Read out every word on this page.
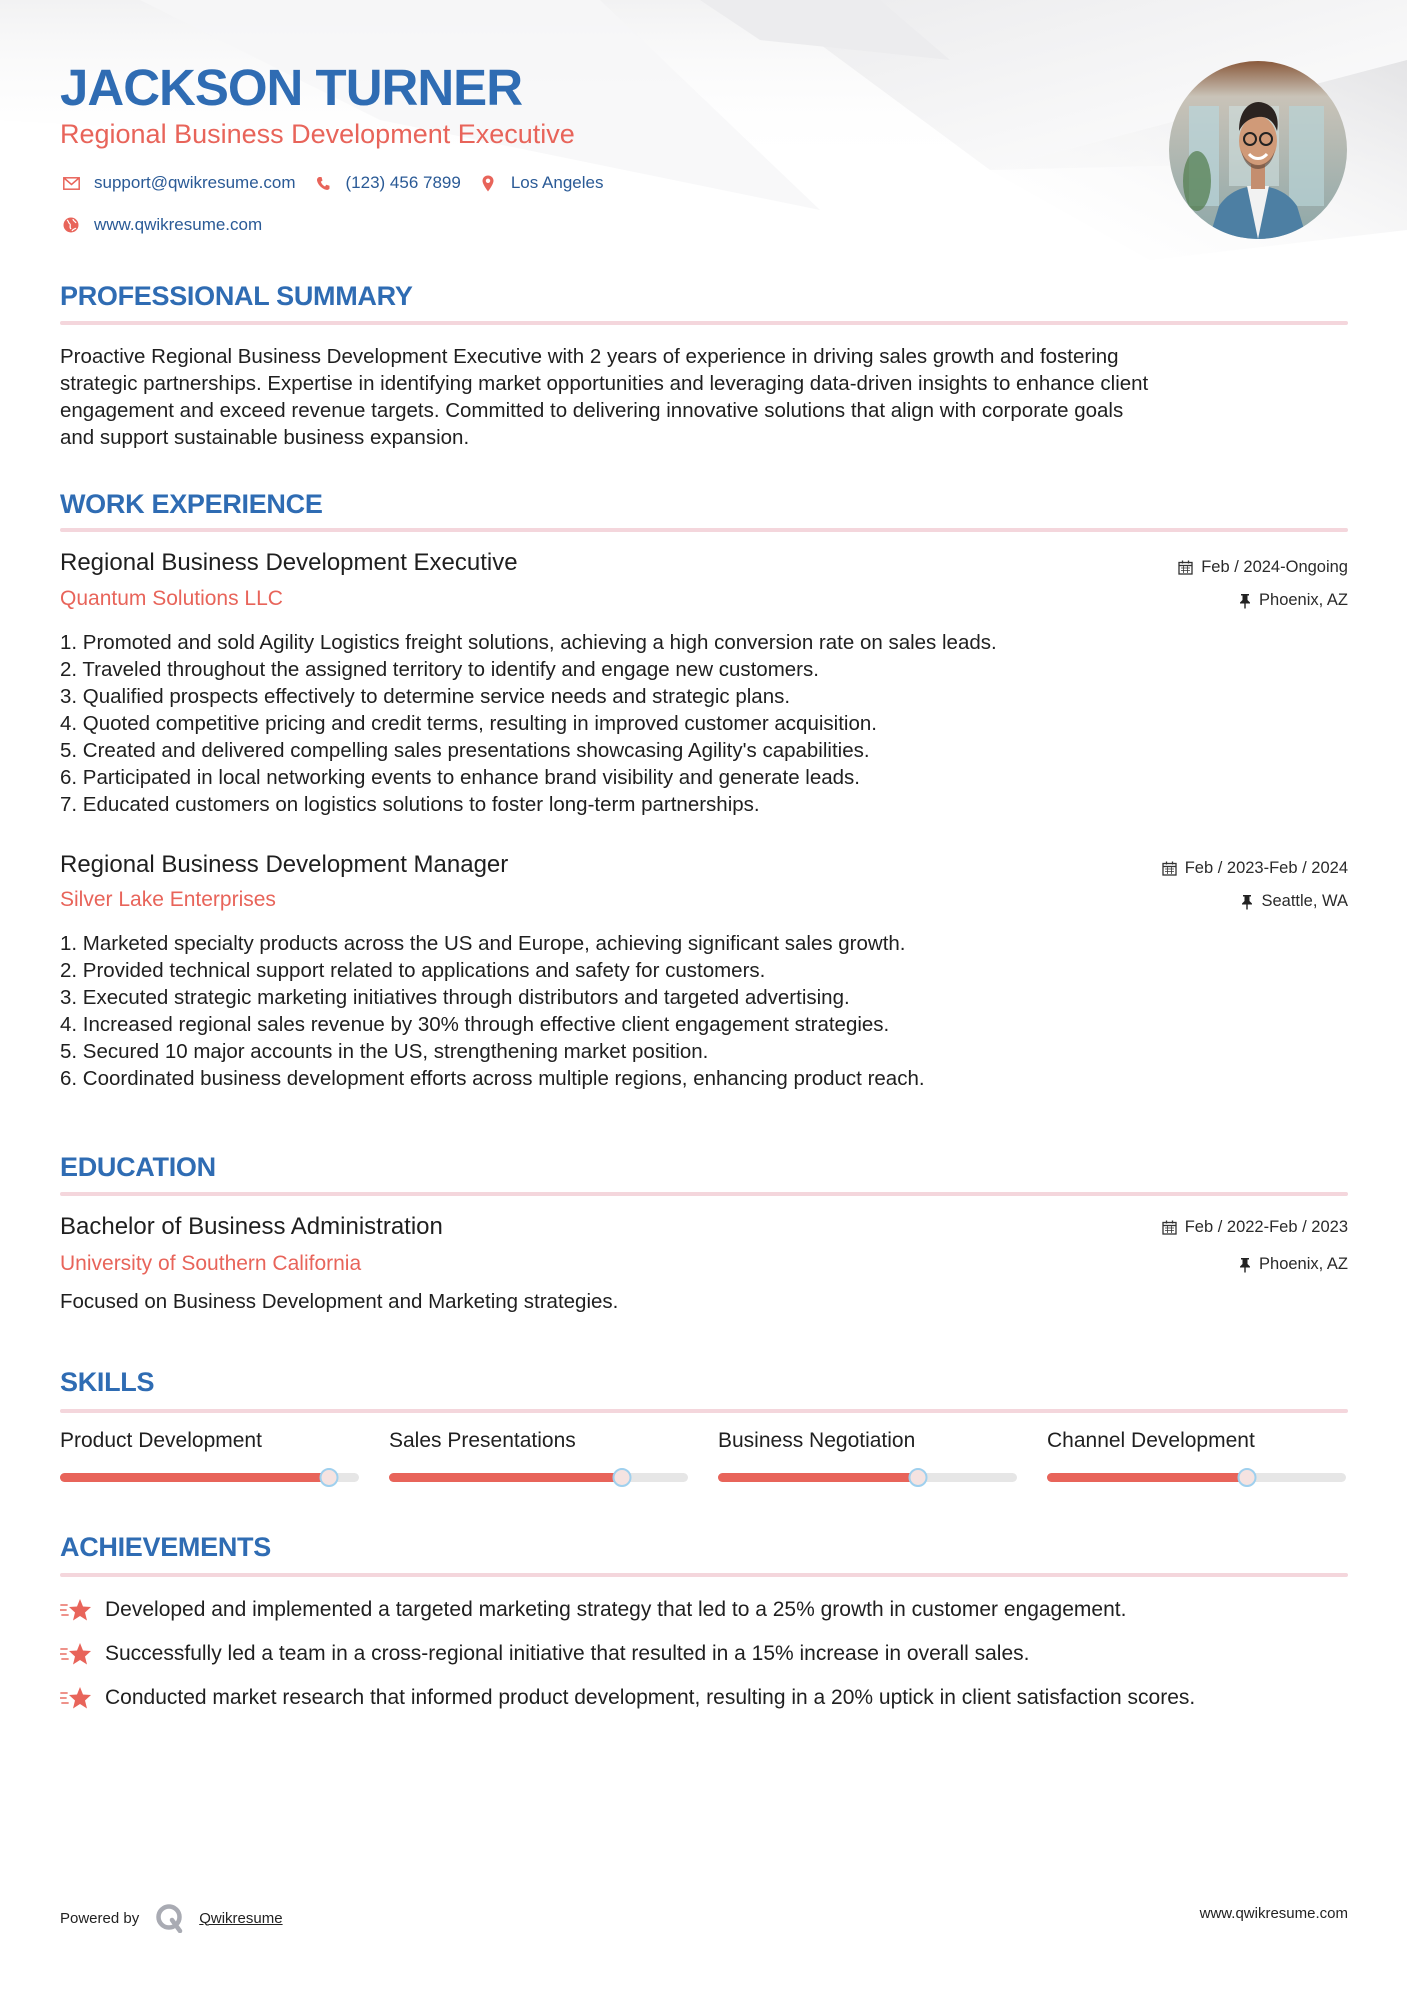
JACKSON TURNER
Regional Business Development Executive
support@qwikresume.com	(123) 456 7899	Los Angeles
www.qwikresume.com
PROFESSIONAL SUMMARY
Proactive Regional Business Development Executive with 2 years of experience in driving sales growth and fostering
strategic partnerships. Expertise in identifying market opportunities and leveraging data-driven insights to enhance client
engagement and exceed revenue targets. Committed to delivering innovative solutions that align with corporate goals
and support sustainable business expansion.
WORK EXPERIENCE
Regional Business Development Executive
Quantum Solutions LLC
Feb / 2024-Ongoing
Phoenix, AZ
1. Promoted and sold Agility Logistics freight solutions, achieving a high conversion rate on sales leads.
2. Traveled throughout the assigned territory to identify and engage new customers.
3. Qualified prospects effectively to determine service needs and strategic plans.
4. Quoted competitive pricing and credit terms, resulting in improved customer acquisition.
5. Created and delivered compelling sales presentations showcasing Agility's capabilities.
6. Participated in local networking events to enhance brand visibility and generate leads.
7. Educated customers on logistics solutions to foster long-term partnerships.
Regional Business Development Manager
Silver Lake Enterprises
Feb / 2023-Feb / 2024
Seattle, WA
1. Marketed specialty products across the US and Europe, achieving significant sales growth.
2. Provided technical support related to applications and safety for customers.
3. Executed strategic marketing initiatives through distributors and targeted advertising.
4. Increased regional sales revenue by 30% through effective client engagement strategies.
5. Secured 10 major accounts in the US, strengthening market position.
6. Coordinated business development efforts across multiple regions, enhancing product reach.
EDUCATION
Bachelor of Business Administration
University of Southern California
Feb / 2022-Feb / 2023
Phoenix, AZ
Focused on Business Development and Marketing strategies.
SKILLS
Product Development	Sales Presentations	Business Negotiation	Channel Development
ACHIEVEMENTS
Developed and implemented a targeted marketing strategy that led to a 25% growth in customer engagement.
Successfully led a team in a cross-regional initiative that resulted in a 15% increase in overall sales.
Conducted market research that informed product development, resulting in a 20% uptick in client satisfaction scores.
Powered by	Qwikresume	www.qwikresume.com
